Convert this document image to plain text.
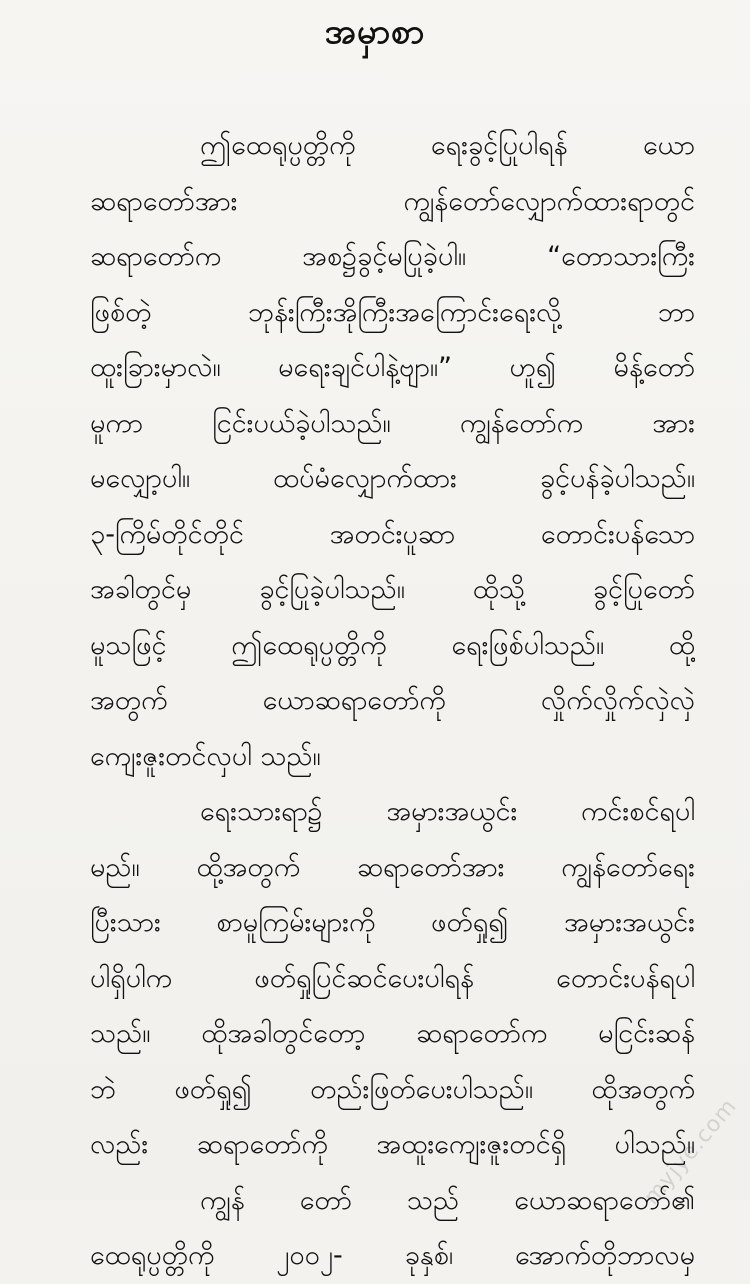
အမှာစာ
ဤထေရုပ္ပတ္တိကို ရေးခွင့်ပြုပါရန် ယော
ဆရာတော်အား ကျွန်တော်လျှောက်ထားရာတွင်
ဆရာတော်က အစ၌ခွင့်မပြုခဲ့ပါ။ “တောသားကြီး
ဖြစ်တဲ့ ဘုန်းကြီးအိုကြီးအကြောင်းရေးလို့ ဘာ
ထူးခြားမှာလဲ။ မရေးချင်ပါနဲ့ဗျာ။” ဟူ၍ မိန့်တော်
မူကာ ငြင်းပယ်ခဲ့ပါသည်။ ကျွန်တော်က အား
မလျှော့ပါ။ ထပ်မံလျှောက်ထား ခွင့်ပန်ခဲ့ပါသည်။
၃-ကြိမ်တိုင်တိုင် အတင်းပူဆာ တောင်းပန်သော
အခါတွင်မှ ခွင့်ပြုခဲ့ပါသည်။ ထိုသို့ ခွင့်ပြုတော်
မူသဖြင့် ဤထေရုပ္ပတ္တိကို ရေးဖြစ်ပါသည်။ ထို့
အတွက် ယောဆရာတော်ကို လှိုက်လှိုက်လှဲလှဲ
ကျေးဇူးတင်လှပါ သည်။
ရေးသားရာ၌ အမှားအယွင်း ကင်းစင်ရပါ
မည်။ ထို့အတွက် ဆရာတော်အား ကျွန်တော်ရေး
ပြီးသား စာမူကြမ်းများကို ဖတ်ရှု၍ အမှားအယွင်း
ပါရှိပါက ဖတ်ရှုပြင်ဆင်ပေးပါရန် တောင်းပန်ရပါ
သည်။ ထိုအခါတွင်တော့ ဆရာတော်က မငြင်းဆန်
ဘဲ ဖတ်ရှု၍ တည်းဖြတ်ပေးပါသည်။ ထိုအတွက်
လည်း ဆရာတော်ကို အထူးကျေးဇူးတင်ရှိ ပါသည်။
ကျွန် တော် သည် ယောဆရာတော်၏
ထေရုပ္ပတ္တိကို ၂၀၀၂- ခုနှစ်၊ အောက်တိုဘာလမှ
myjye.com
